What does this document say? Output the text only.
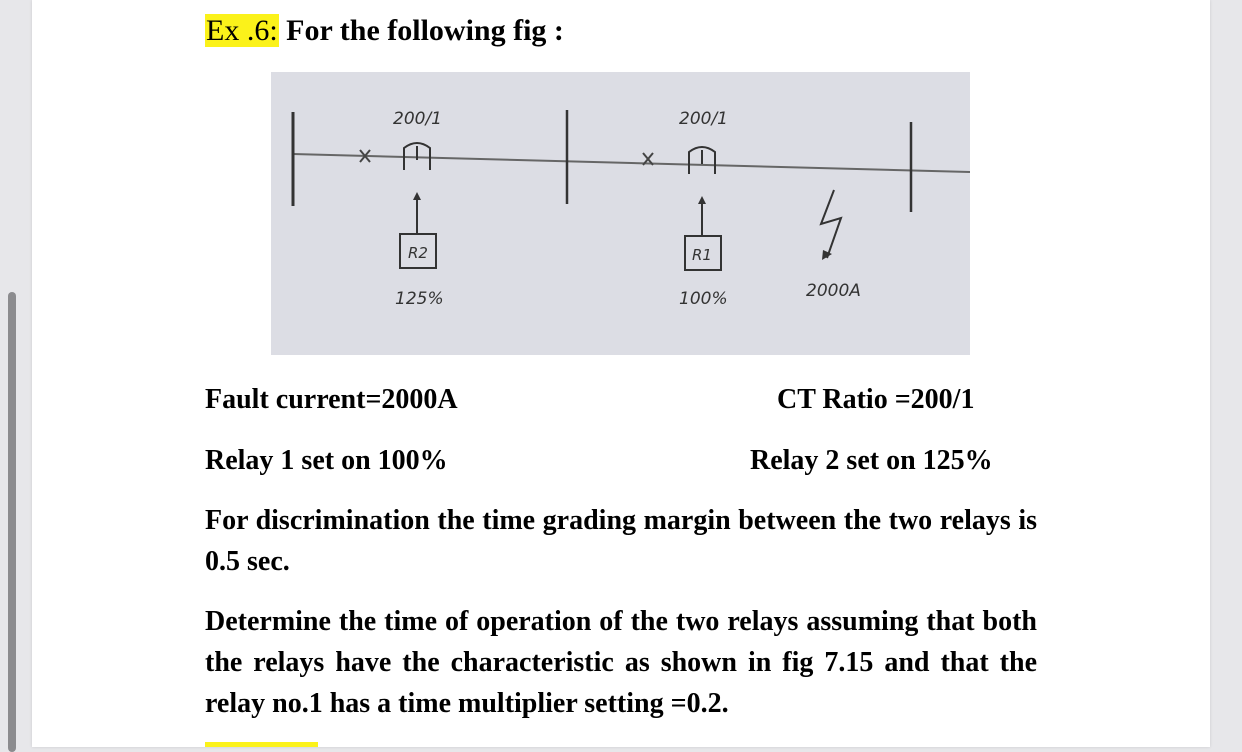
Ex .6: For the following fig :
R2	R1
200/1	200/1
125%	100%	2000A
Fault current=2000A	CT Ratio =200/1
Relay 1 set on 100%	Relay 2 set on 125%
For discrimination the time grading margin between the two relays is 0.5 sec.
Determine the time of operation of the two relays assuming that both the relays have the characteristic as shown in fig 7.15 and that the relay no.1 has a time multiplier setting =0.2.
